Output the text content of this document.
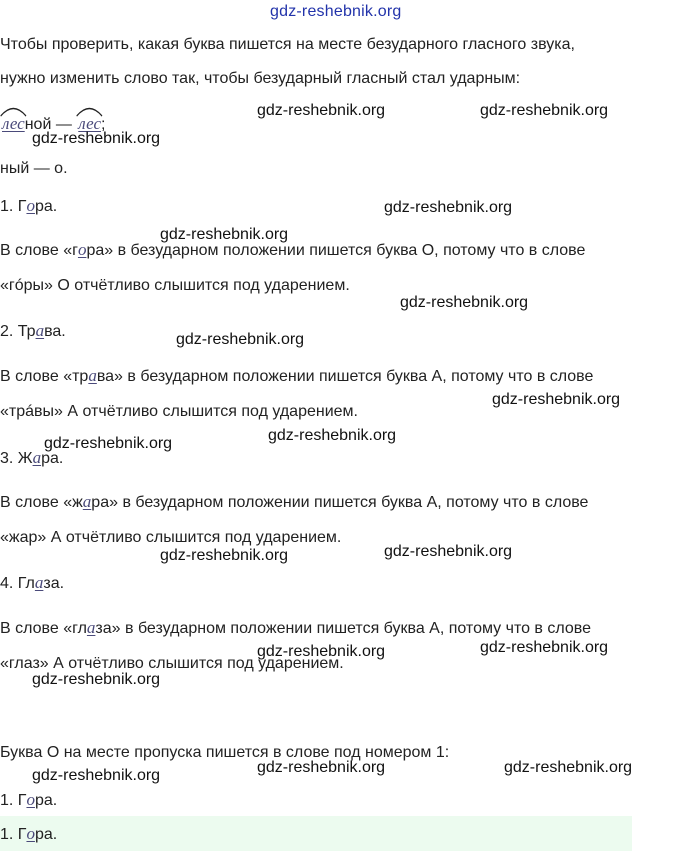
gdz-reshebnik.org
Чтобы проверить, какая буква пишется на месте безударного гласного звука,
нужно изменить слово так, чтобы безударный гласный стал ударным:
лесной — лес;
ный — о.
1. Гора.
В слове «гора» в безударном положении пишется буква О, потому что в слове
«гóры» О отчётливо слышится под ударением.
2. Трава.
В слове «трава» в безударном положении пишется буква А, потому что в слове
«трáвы» А отчётливо слышится под ударением.
3. Жара.
В слове «жара» в безударном положении пишется буква А, потому что в слове
«жар» А отчётливо слышится под ударением.
4. Глаза.
В слове «глаза» в безударном положении пишется буква А, потому что в слове
«глаз» А отчётливо слышится под ударением.
Буква О на месте пропуска пишется в слове под номером 1:
1. Гора.
1. Гора.
gdz-reshebnik.org	gdz-reshebnik.org
gdz-reshebnik.org
gdz-reshebnik.org
gdz-reshebnik.org
gdz-reshebnik.org
gdz-reshebnik.org
gdz-reshebnik.org
gdz-reshebnik.org	gdz-reshebnik.org
gdz-reshebnik.org	gdz-reshebnik.org
gdz-reshebnik.org	gdz-reshebnik.org
gdz-reshebnik.org
gdz-reshebnik.org	gdz-reshebnik.org	gdz-reshebnik.org
